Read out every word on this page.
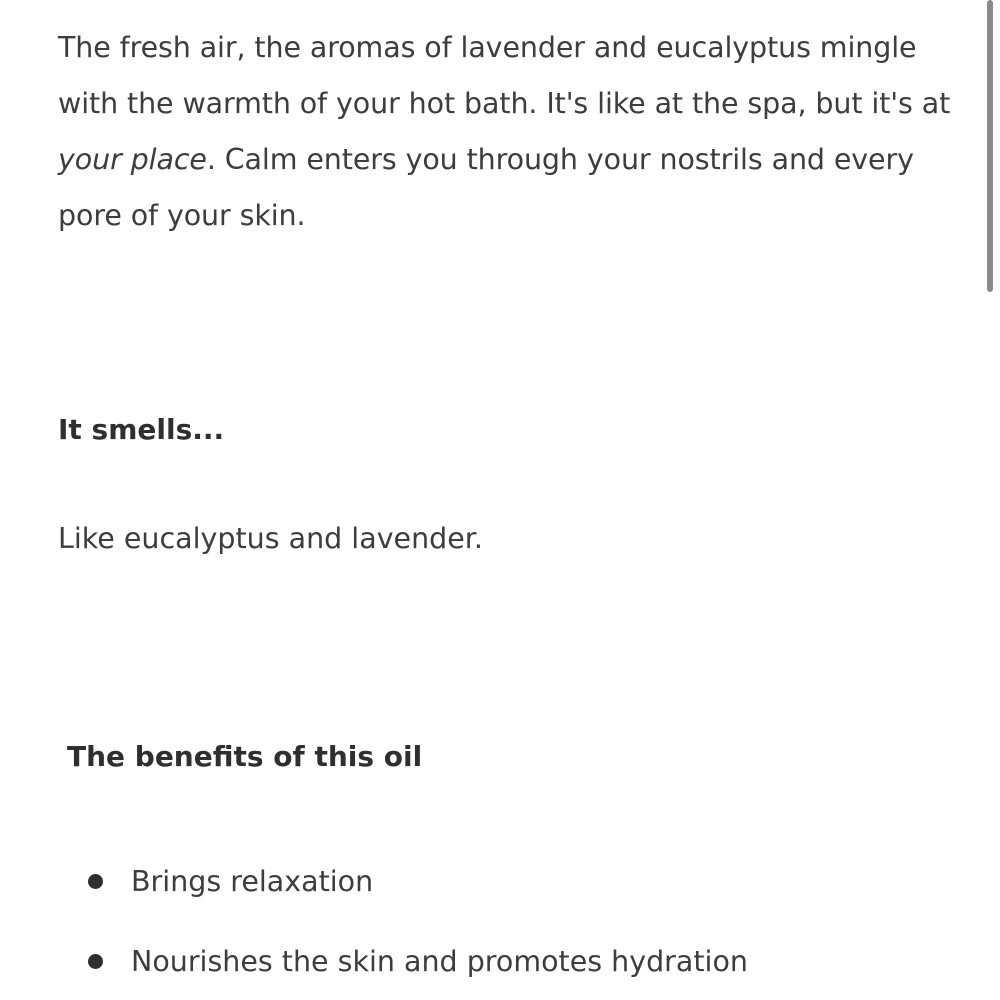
The fresh air, the aromas of lavender and eucalyptus mingle with the warmth of your hot bath. It's like at the spa, but it's at your place. Calm enters you through your nostrils and every pore of your skin.

It smells...

Like eucalyptus and lavender.

The benefits of this oil
Brings relaxation
Nourishes the skin and promotes hydration
